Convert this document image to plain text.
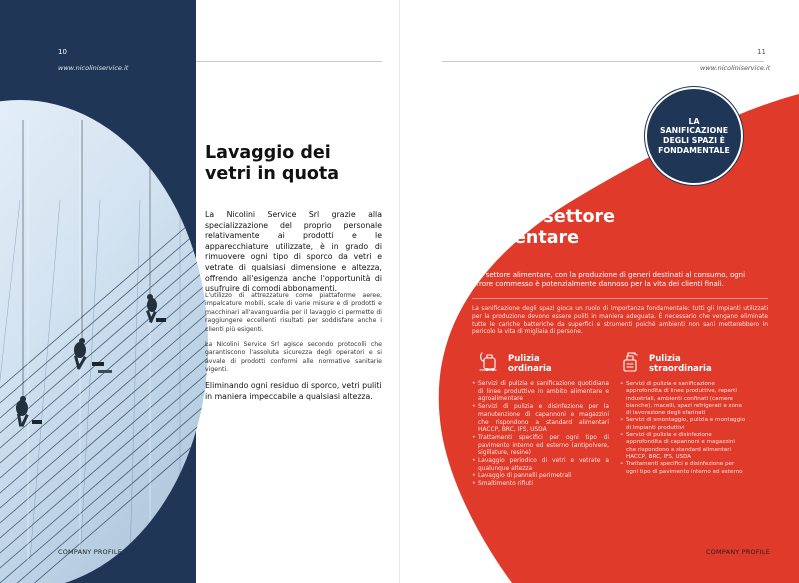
10
www.nicoliniservice.it
Lavaggio dei
vetri in quota

La Nicolini Service Srl grazie alla specializzazione del proprio personale relativamente ai prodotti e le apparecchiature utilizzate, è in grado di rimuovere ogni tipo di sporco da vetri e vetrate di qualsiasi dimensione e altezza, offrendo all'esigenza anche l'opportunità di usufruire di comodi abbonamenti.

L'utilizzo di attrezzature come piattaforme aeree, impalcature mobili, scale di varie misure e di prodotti e macchinari all'avanguardia per il lavaggio ci permette di raggiungere eccellenti risultati per soddisfare anche i clienti più esigenti.

La Nicolini Service Srl agisce secondo protocolli che garantiscono l'assoluta sicurezza degli operatori e si avvale di prodotti conformi alle normative sanitarie vigenti.

Eliminando ogni residuo di sporco, vetri puliti in maniera impeccabile a qualsiasi altezza.

COMPANY PROFILE
11
www.nicoliniservice.it
LA SANIFICAZIONE DEGLI SPAZI È FONDAMENTALE
Pulizie settore
alimentare

Nel settore alimentare, con la produzione di generi destinati al consumo, ogni errore commesso è potenzialmente dannoso per la vita dei clienti finali.

La sanificazione degli spazi gioca un ruolo di importanza fondamentale: tutti gli impianti utilizzati per la produzione devono essere puliti in maniera adeguata. È necessario che vengano eliminate tutte le cariche batteriche da superfici e strumenti poiché ambienti non sani metterebbero in pericolo la vita di migliaia di persone.

Pulizia
ordinaria
• Servizi di pulizia e sanificazione quotidiana di linee produttive in ambito alimentare e agroalimentare
• Servizi di pulizia e disinfezione per la manutenzione di capannoni e magazzini che rispondono a standard alimentari HACCP, BRC, IFS, USDA
• Trattamenti specifici per ogni tipo di pavimento interno ed esterno (antipolvere, sigillature, resine)
• Lavaggio periodico di vetri e vetrate a qualunque altezza
• Lavaggio di pannelli perimetrali
• Smaltimento rifiuti
Pulizia
straordinaria
• Servizi di pulizia e sanificazione approfondita di linee produttive, reparti industriali, ambienti confinati (camere bianche), macelli, spazi refrigerati e zone di lavorazione degli sfarinati
• Servizi di smontaggio, pulizia e montaggio di impianti produttivi
• Servizi di pulizia e disinfezione approfondita di capannoni e magazzini che rispondono a standard alimentari HACCP, BRC, IFS, USDA
• Trattamenti specifici e disinfezione per ogni tipo di pavimento interno ed esterno
COMPANY PROFILE
